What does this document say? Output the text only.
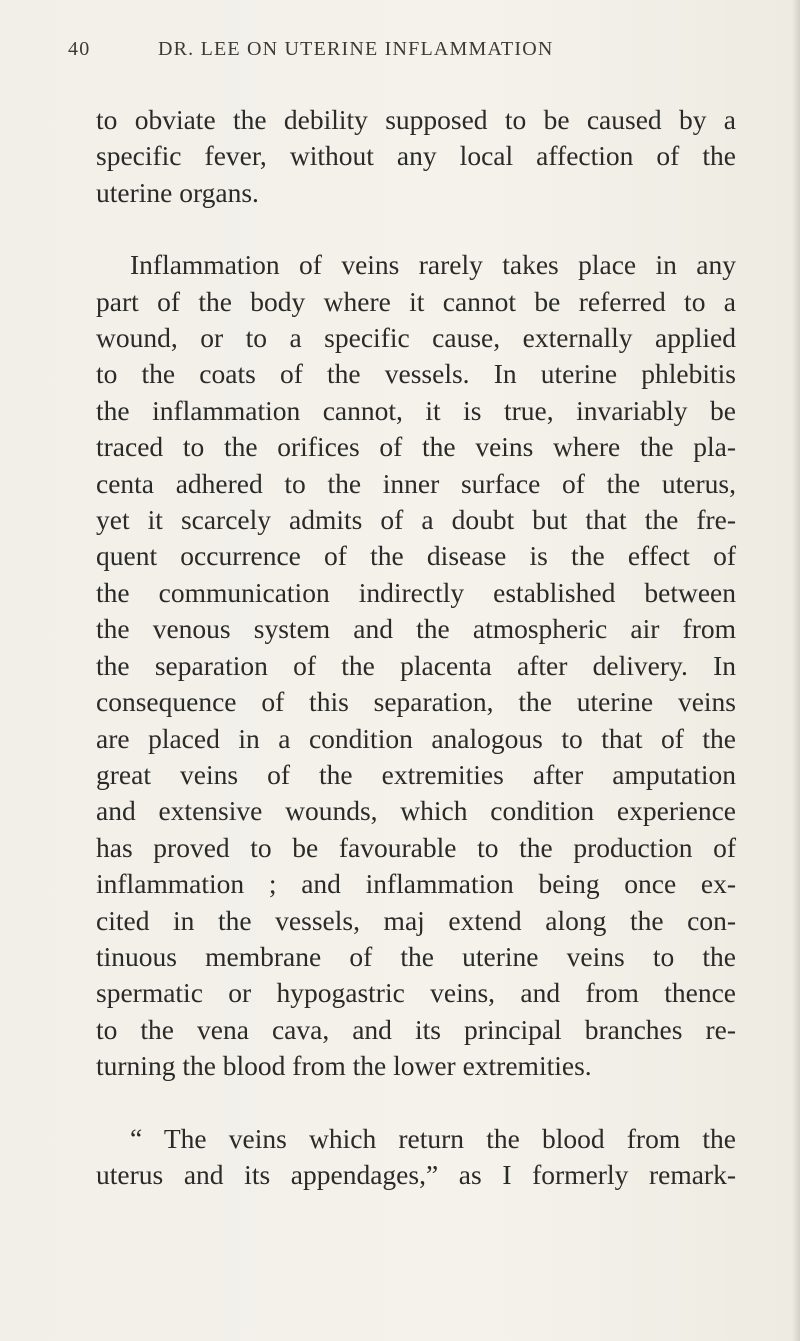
40	DR. LEE ON UTERINE INFLAMMATION
to obviate the debility supposed to be caused by a
specific fever, without any local affection of the
uterine organs.
Inflammation of veins rarely takes place in any
part of the body where it cannot be referred to a
wound, or to a specific cause, externally applied
to the coats of the vessels. In uterine phlebitis
the inflammation cannot, it is true, invariably be
traced to the orifices of the veins where the pla-
centa adhered to the inner surface of the uterus,
yet it scarcely admits of a doubt but that the fre-
quent occurrence of the disease is the effect of
the communication indirectly established between
the venous system and the atmospheric air from
the separation of the placenta after delivery. In
consequence of this separation, the uterine veins
are placed in a condition analogous to that of the
great veins of the extremities after amputation
and extensive wounds, which condition experience
has proved to be favourable to the production of
inflammation ; and inflammation being once ex-
cited in the vessels, maј extend along the con-
tinuous membrane of the uterine veins to the
spermatic or hypogastric veins, and from thence
to the vena cava, and its principal branches re-
turning the blood from the lower extremities.
“ The veins which return the blood from the
uterus and its appendages,” as I formerly remark-
